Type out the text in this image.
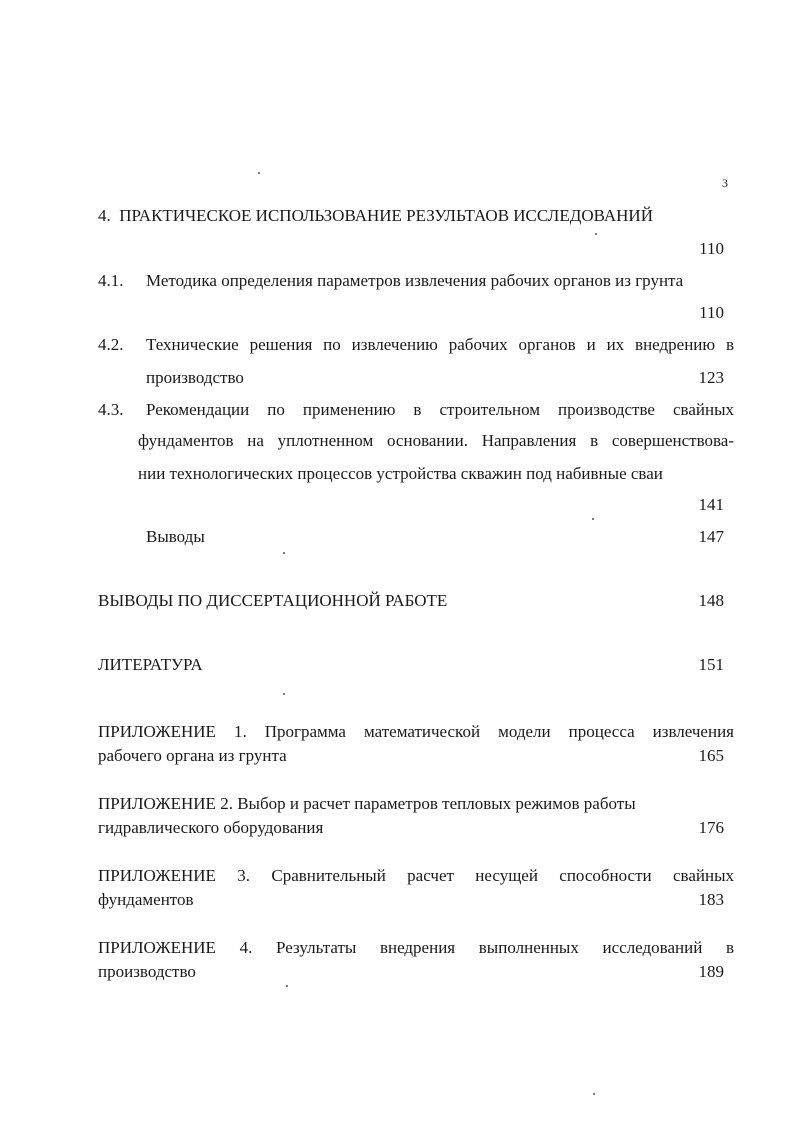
3
4. ПРАКТИЧЕСКОЕ ИСПОЛЬЗОВАНИЕ РЕЗУЛЬТАОВ ИССЛЕДОВАНИЙ
110
4.1. Методика определения параметров извлечения рабочих органов из грунта
110
4.2. Технические решения по извлечению рабочих органов и их внедрению в
производство	123
4.3. Рекомендации по применению в строительном производстве свайных
фундаментов на уплотненном основании. Направления в совершенствова-
нии технологических процессов устройства скважин под набивные сваи
141
Выводы	147
ВЫВОДЫ ПО ДИССЕРТАЦИОННОЙ РАБОТЕ	148
ЛИТЕРАТУРА	151
ПРИЛОЖЕНИЕ 1. Программа математической модели процесса извлечения
рабочего органа из грунта	165
ПРИЛОЖЕНИЕ 2. Выбор и расчет параметров тепловых режимов работы
гидравлического оборудования	176
ПРИЛОЖЕНИЕ 3. Сравнительный расчет несущей способности свайных
фундаментов	183
ПРИЛОЖЕНИЕ 4. Результаты внедрения выполненных исследований в
производство	189
